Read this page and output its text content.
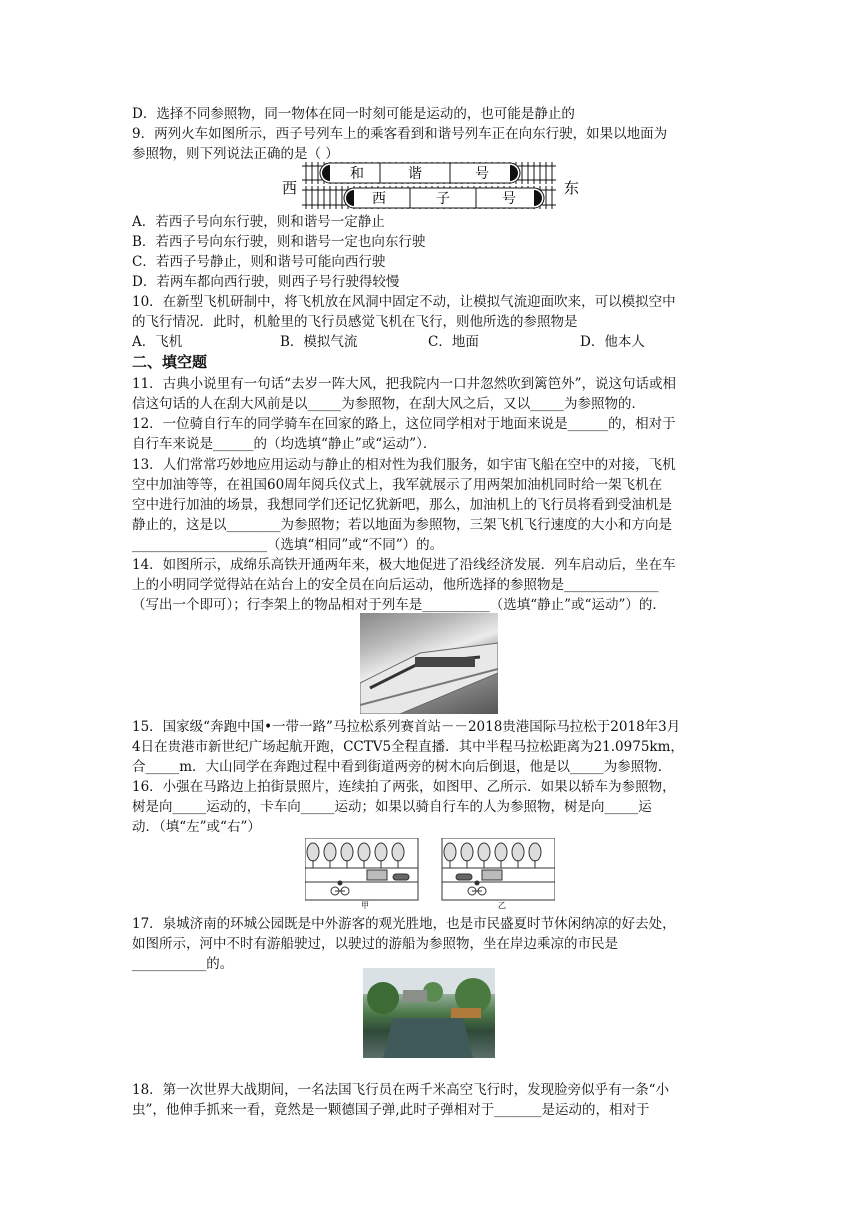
D．选择不同参照物，同一物体在同一时刻可能是运动的，也可能是静止的
9．两列火车如图所示，西子号列车上的乘客看到和谐号列车正在向东行驶，如果以地面为
参照物，则下列说法正确的是（ ）
A．若西子号向东行驶，则和谐号一定静止
B．若西子号向东行驶，则和谐号一定也向东行驶
C．若西子号静止，则和谐号可能向西行驶
D．若两车都向西行驶，则西子号行驶得较慢
10．在新型飞机研制中，将飞机放在风洞中固定不动，让模拟气流迎面吹来，可以模拟空中
的飞行情况．此时，机舱里的飞行员感觉飞机在飞行，则他所选的参照物是
11．古典小说里有一句话“去岁一阵大风，把我院内一口井忽然吹到篱笆外”，说这句话或相
信这句话的人在刮大风前是以_____为参照物，在刮大风之后，又以_____为参照物的．
12．一位骑自行车的同学骑车在回家的路上，这位同学相对于地面来说是______的，相对于
自行车来说是______的（均选填“静止”或“运动”）．
13．人们常常巧妙地应用运动与静止的相对性为我们服务，如宇宙飞船在空中的对接，飞机
空中加油等等，在祖国60周年阅兵仪式上，我军就展示了用两架加油机同时给一架飞机在
空中进行加油的场景，我想同学们还记忆犹新吧，那么，加油机上的飞行员将看到受油机是
静止的，这是以________为参照物；若以地面为参照物，三架飞机飞行速度的大小和方向是
____________________（选填“相同”或“不同”）的。
14．如图所示，成绵乐高铁开通两年来，极大地促进了沿线经济发展．列车启动后，坐在车
上的小明同学觉得站在站台上的安全员在向后运动，他所选择的参照物是______________
（写出一个即可）；行李架上的物品相对于列车是__________（选填“静止”或“运动”）的．
15．国家级“奔跑中国•一带一路”马拉松系列赛首站－－2018贵港国际马拉松于2018年3月
4日在贵港市新世纪广场起航开跑，CCTV5全程直播．其中半程马拉松距离为21.0975km，
合_____m．大山同学在奔跑过程中看到街道两旁的树木向后倒退，他是以_____为参照物．
16．小强在马路边上拍街景照片，连续拍了两张，如图甲、乙所示．如果以轿车为参照物，
树是向_____运动的，卡车向_____运动；如果以骑自行车的人为参照物，树是向_____运
动．（填“左”或“右”）
17．泉城济南的环城公园既是中外游客的观光胜地，也是市民盛夏时节休闲纳凉的好去处，
如图所示，河中不时有游船驶过，以驶过的游船为参照物，坐在岸边乘凉的市民是
___________的。
18．第一次世界大战期间，一名法国飞行员在两千米高空飞行时，发现脸旁似乎有一条“小
虫”，他伸手抓来一看，竟然是一颗德国子弹,此时子弹相对于_______是运动的，相对于
A．飞机	B．模拟气流	C．地面	D．他本人
二、填空题
西	东
和	谐	号
西	子	号
甲	乙
